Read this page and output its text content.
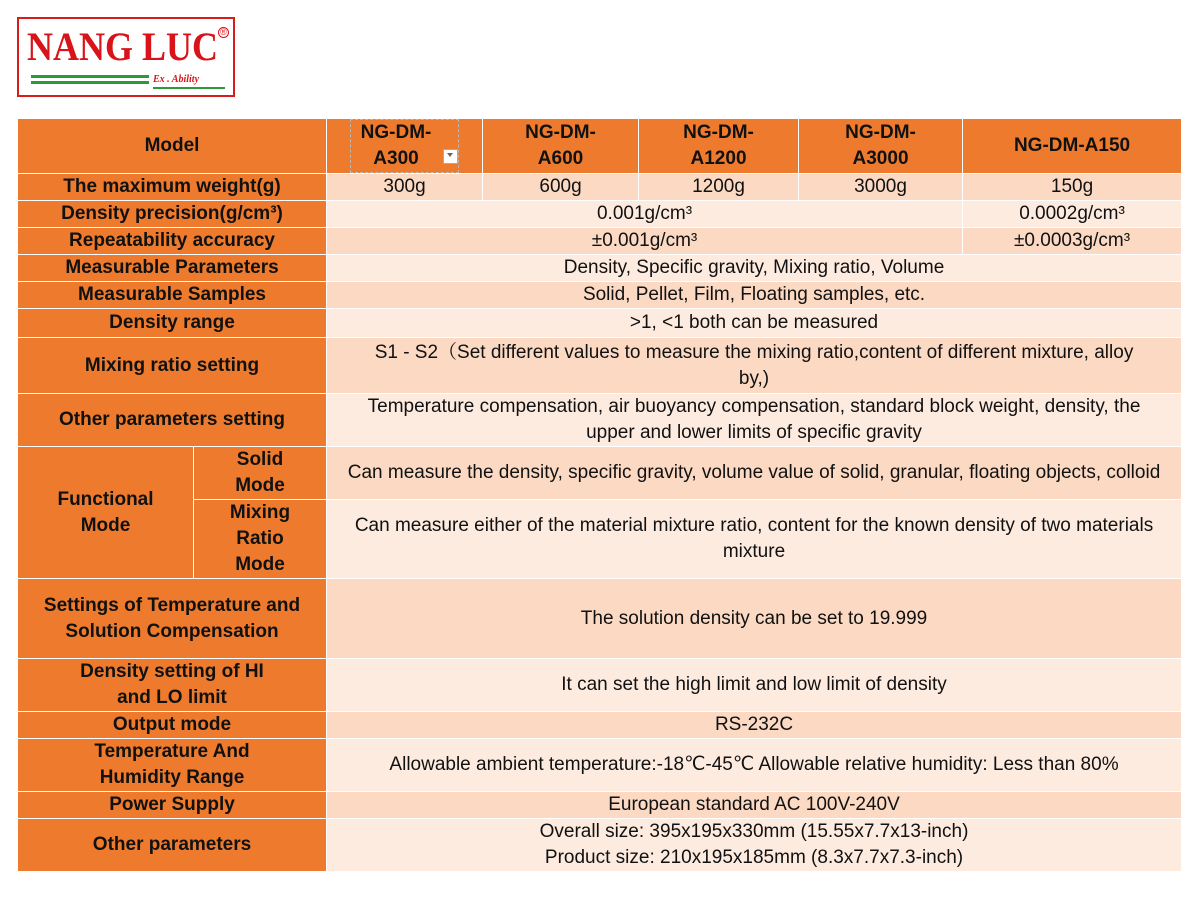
NANG LUC ®
Ex . Ability
Model		NG-DM-A300	NG-DM-A600	NG-DM-A1200	NG-DM-A3000	NG-DM-A150
The maximum weight(g)		300g	600g	1200g	3000g	150g
Density precision(g/cm³)		0.001g/cm³				0.0002g/cm³
Repeatability accuracy		±0.001g/cm³				±0.0003g/cm³
Measurable Parameters		Density, Specific gravity, Mixing ratio, Volume				
Measurable Samples		Solid, Pellet, Film, Floating samples, etc.				
Density range		>1, <1 both can be measured				
Mixing ratio setting		S1 - S2（Set different values to measure the mixing ratio,content of different mixture, alloy by,)				
Other parameters setting		Temperature compensation, air buoyancy compensation, standard block weight, density, the upper and lower limits of specific gravity				
Functional Mode	Solid Mode	Can measure the density, specific gravity, volume value of solid, granular, floating objects, colloid				
	Mixing Ratio Mode	Can measure either of the material mixture ratio, content for the known density of two materials mixture				
Settings of Temperature and Solution Compensation		The solution density can be set to 19.999				
Density setting of HI and LO limit		It can set the high limit and low limit of density				
Output mode		RS-232C				
Temperature And Humidity Range		Allowable ambient temperature:-18℃-45℃ Allowable relative humidity: Less than 80%				
Power Supply		European standard AC 100V-240V				
Other parameters		Overall size: 395x195x330mm (15.55x7.7x13-inch)
Product size: 210x195x185mm (8.3x7.7x7.3-inch)				
